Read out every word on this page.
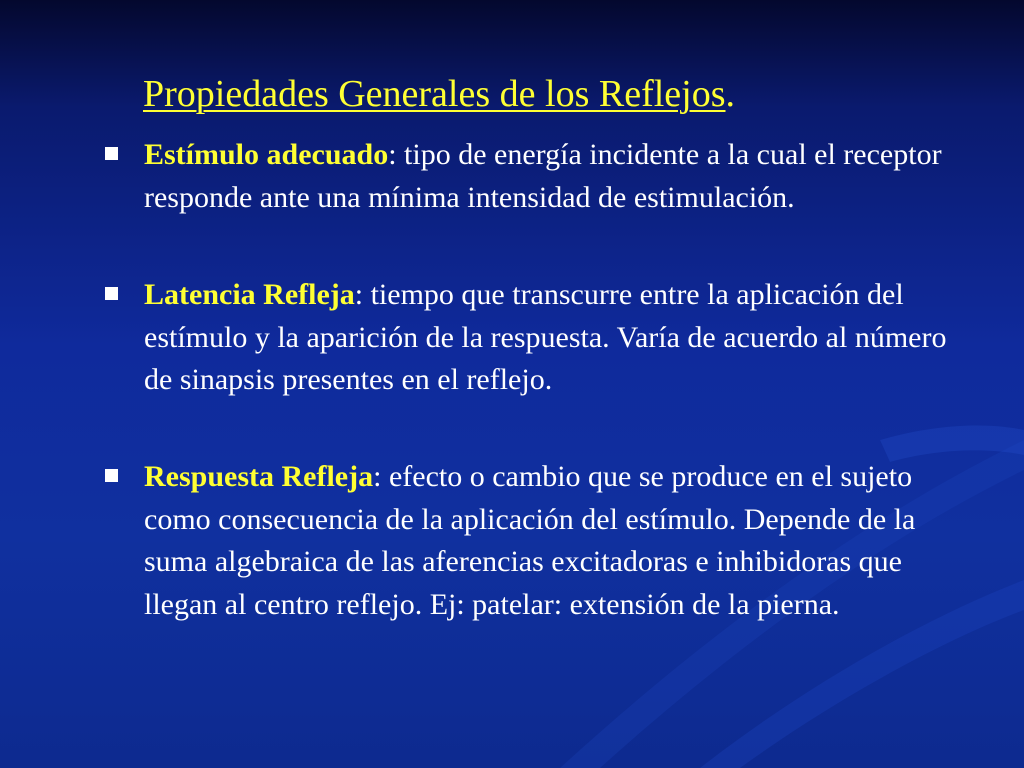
Propiedades Generales de los Reflejos.

Estímulo adecuado: tipo de energía incidente a la cual el receptor responde ante una mínima intensidad de estimulación.

Latencia Refleja: tiempo que transcurre entre la aplicación del estímulo y la aparición de la respuesta. Varía de acuerdo al número de sinapsis presentes en el reflejo.

Respuesta Refleja: efecto o cambio que se produce en el sujeto como consecuencia de la aplicación del estímulo. Depende de la suma algebraica de las aferencias excitadoras e inhibidoras que llegan al centro reflejo. Ej: patelar: extensión de la pierna.
